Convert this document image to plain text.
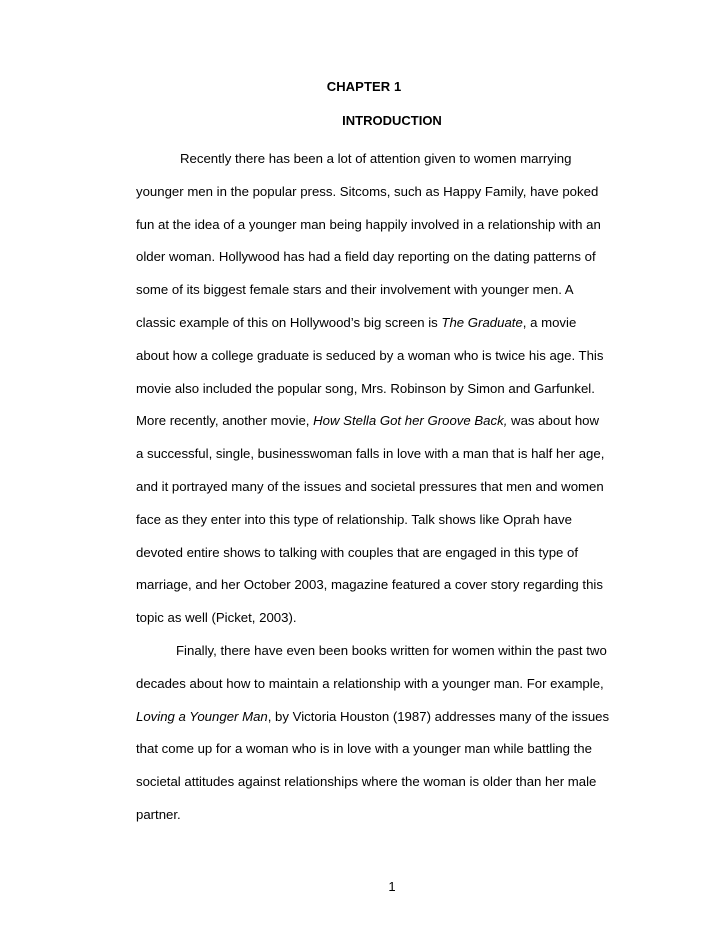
CHAPTER 1
INTRODUCTION
Recently there has been a lot of attention given to women marrying
younger men in the popular press. Sitcoms, such as Happy Family, have poked
fun at the idea of a younger man being happily involved in a relationship with an
older woman. Hollywood has had a field day reporting on the dating patterns of
some of its biggest female stars and their involvement with younger men. A
classic example of this on Hollywood’s big screen is The Graduate, a movie
about how a college graduate is seduced by a woman who is twice his age. This
movie also included the popular song, Mrs. Robinson by Simon and Garfunkel.
More recently, another movie, How Stella Got her Groove Back, was about how
a successful, single, businesswoman falls in love with a man that is half her age,
and it portrayed many of the issues and societal pressures that men and women
face as they enter into this type of relationship. Talk shows like Oprah have
devoted entire shows to talking with couples that are engaged in this type of
marriage, and her October 2003, magazine featured a cover story regarding this
topic as well (Picket, 2003).
Finally, there have even been books written for women within the past two
decades about how to maintain a relationship with a younger man. For example,
Loving a Younger Man, by Victoria Houston (1987) addresses many of the issues
that come up for a woman who is in love with a younger man while battling the
societal attitudes against relationships where the woman is older than her male
partner.
1
